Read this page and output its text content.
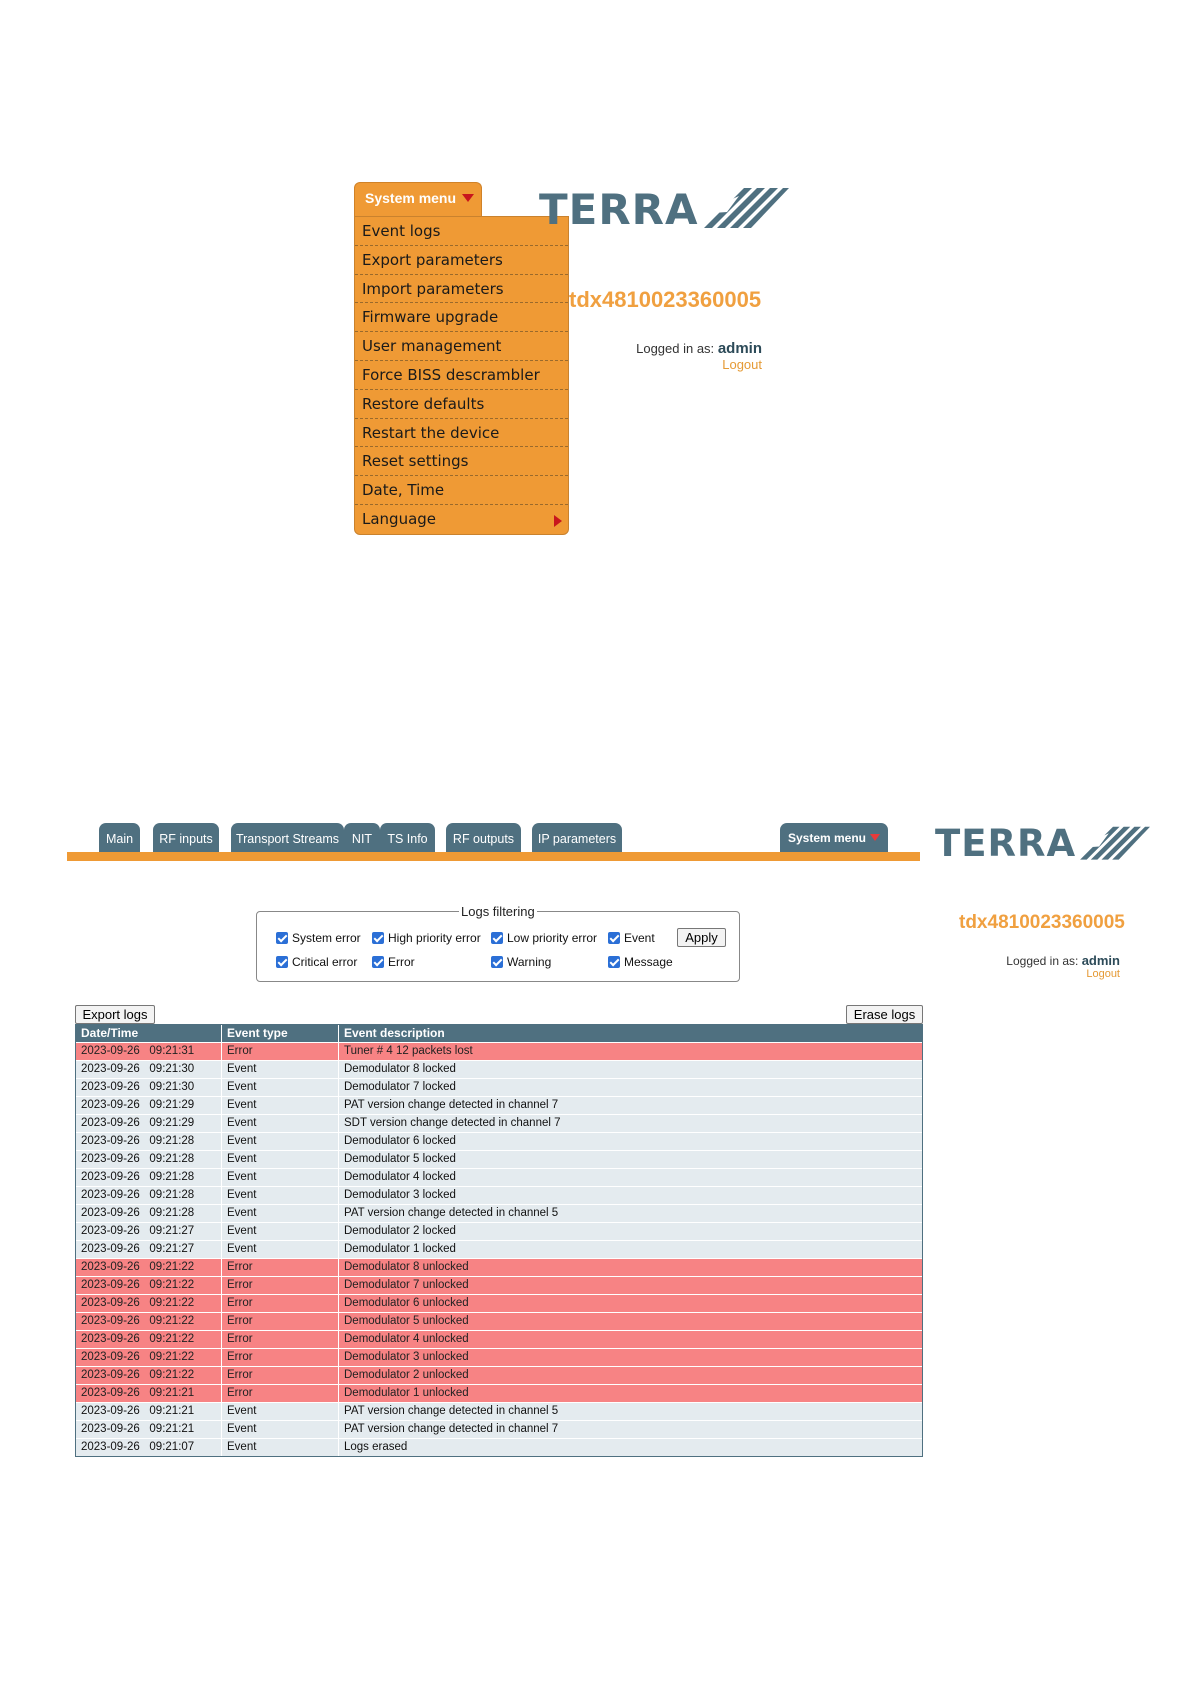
System menu
Event logs
Export parameters
Import parameters
Firmware upgrade
User management
Force BISS descrambler
Restore defaults
Restart the device
Reset settings
Date, Time
Language
TERRA
tdx4810023360005
Logged in as: admin
Logout
Main	RF inputs	Transport Streams	NIT	TS Info	RF outputs	IP parameters	System menu	TERRA
tdx4810023360005
Logged in as: admin
Logout
Logs filtering
System error High priority error Low priority error Event
Critical error	Error	Warning	Message
Apply
Export logs	Erase logs
Date/Time	Event type	Event description
2023-09-26   09:21:31	Error	Tuner # 4 12 packets lost
2023-09-26   09:21:30	Event	Demodulator 8 locked
2023-09-26   09:21:30	Event	Demodulator 7 locked
2023-09-26   09:21:29	Event	PAT version change detected in channel 7
2023-09-26   09:21:29	Event	SDT version change detected in channel 7
2023-09-26   09:21:28	Event	Demodulator 6 locked
2023-09-26   09:21:28	Event	Demodulator 5 locked
2023-09-26   09:21:28	Event	Demodulator 4 locked
2023-09-26   09:21:28	Event	Demodulator 3 locked
2023-09-26   09:21:28	Event	PAT version change detected in channel 5
2023-09-26   09:21:27	Event	Demodulator 2 locked
2023-09-26   09:21:27	Event	Demodulator 1 locked
2023-09-26   09:21:22	Error	Demodulator 8 unlocked
2023-09-26   09:21:22	Error	Demodulator 7 unlocked
2023-09-26   09:21:22	Error	Demodulator 6 unlocked
2023-09-26   09:21:22	Error	Demodulator 5 unlocked
2023-09-26   09:21:22	Error	Demodulator 4 unlocked
2023-09-26   09:21:22	Error	Demodulator 3 unlocked
2023-09-26   09:21:22	Error	Demodulator 2 unlocked
2023-09-26   09:21:21	Error	Demodulator 1 unlocked
2023-09-26   09:21:21	Event	PAT version change detected in channel 5
2023-09-26   09:21:21	Event	PAT version change detected in channel 7
2023-09-26   09:21:07	Event	Logs erased
